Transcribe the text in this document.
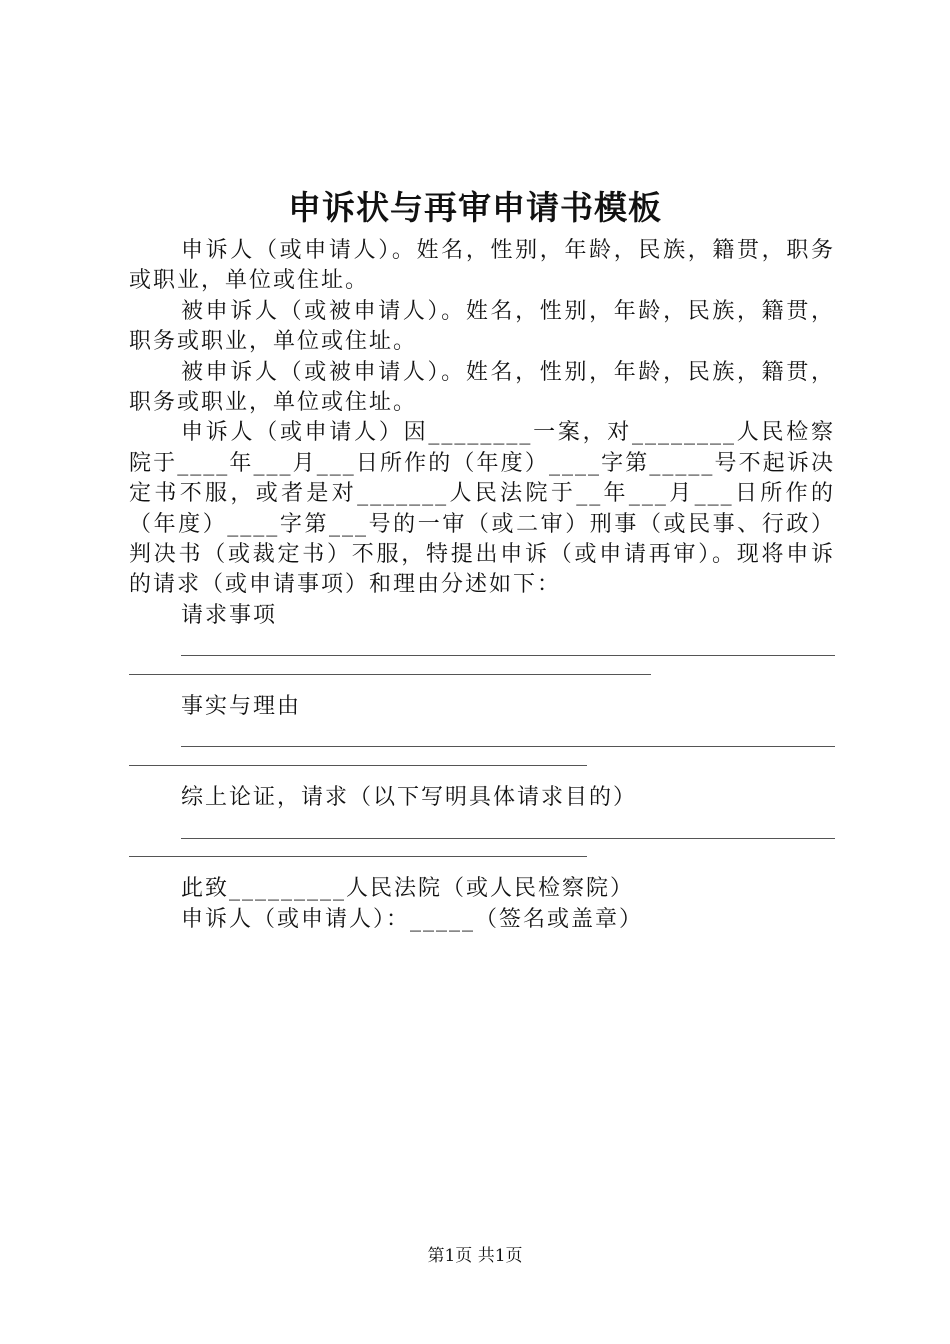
申诉状与再审申请书模板

申诉人（或申请人）。姓名，性别，年龄，民族，籍贯，职务或职业，单位或住址。

被申诉人（或被申请人）。姓名，性别，年龄，民族，籍贯，职务或职业，单位或住址。

被申诉人（或被申请人）。姓名，性别，年龄，民族，籍贯，职务或职业，单位或住址。

申诉人（或申请人）因________一案，对________人民检察院于____年___月___日所作的（年度）____字第_____号不起诉决定书不服，或者是对_______人民法院于__年___月___日所作的（年度）____字第___号的一审（或二审）刑事（或民事、行政）判决书（或裁定书）不服，特提出申诉（或申请再审）。现将申诉的请求（或申请事项）和理由分述如下：

请求事项

事实与理由

综上论证，请求（以下写明具体请求目的）

此致_________人民法院（或人民检察院）

申诉人（或申请人）：_____（签名或盖章）

第1页 共1页
